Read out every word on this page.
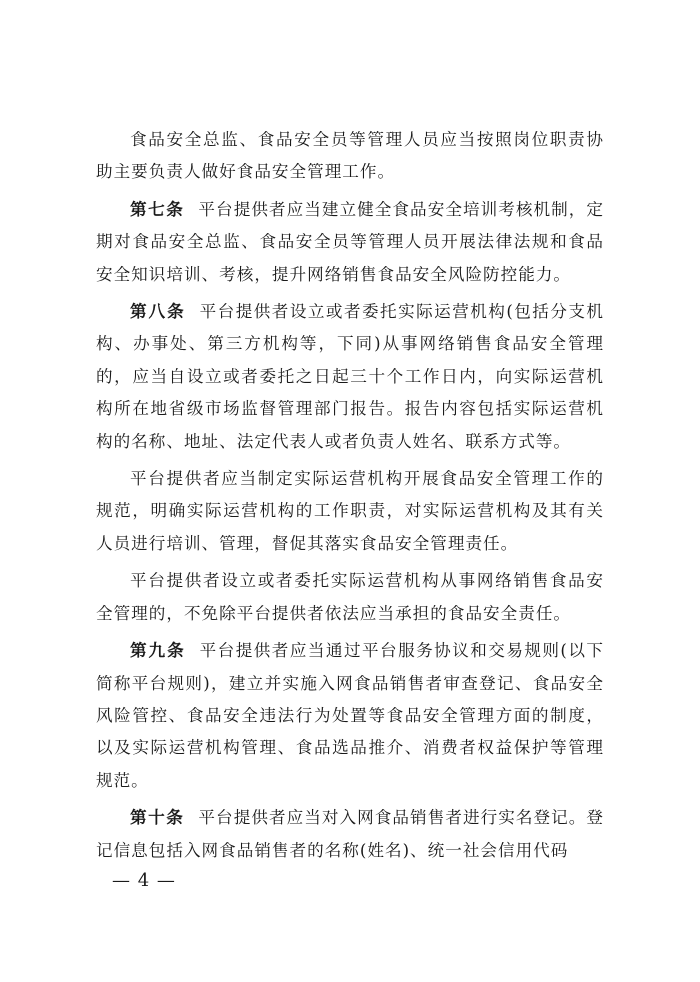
食品安全总监、食品安全员等管理人员应当按照岗位职责协助主要负责人做好食品安全管理工作。

第七条 平台提供者应当建立健全食品安全培训考核机制，定期对食品安全总监、食品安全员等管理人员开展法律法规和食品安全知识培训、考核，提升网络销售食品安全风险防控能力。

第八条 平台提供者设立或者委托实际运营机构(包括分支机构、办事处、第三方机构等，下同)从事网络销售食品安全管理的，应当自设立或者委托之日起三十个工作日内，向实际运营机构所在地省级市场监督管理部门报告。报告内容包括实际运营机构的名称、地址、法定代表人或者负责人姓名、联系方式等。

平台提供者应当制定实际运营机构开展食品安全管理工作的规范，明确实际运营机构的工作职责，对实际运营机构及其有关人员进行培训、管理，督促其落实食品安全管理责任。

平台提供者设立或者委托实际运营机构从事网络销售食品安全管理的，不免除平台提供者依法应当承担的食品安全责任。

第九条 平台提供者应当通过平台服务协议和交易规则(以下简称平台规则)，建立并实施入网食品销售者审查登记、食品安全风险管控、食品安全违法行为处置等食品安全管理方面的制度，以及实际运营机构管理、食品选品推介、消费者权益保护等管理规范。

第十条 平台提供者应当对入网食品销售者进行实名登记。登记信息包括入网食品销售者的名称(姓名)、统一社会信用代码

— 4 —
